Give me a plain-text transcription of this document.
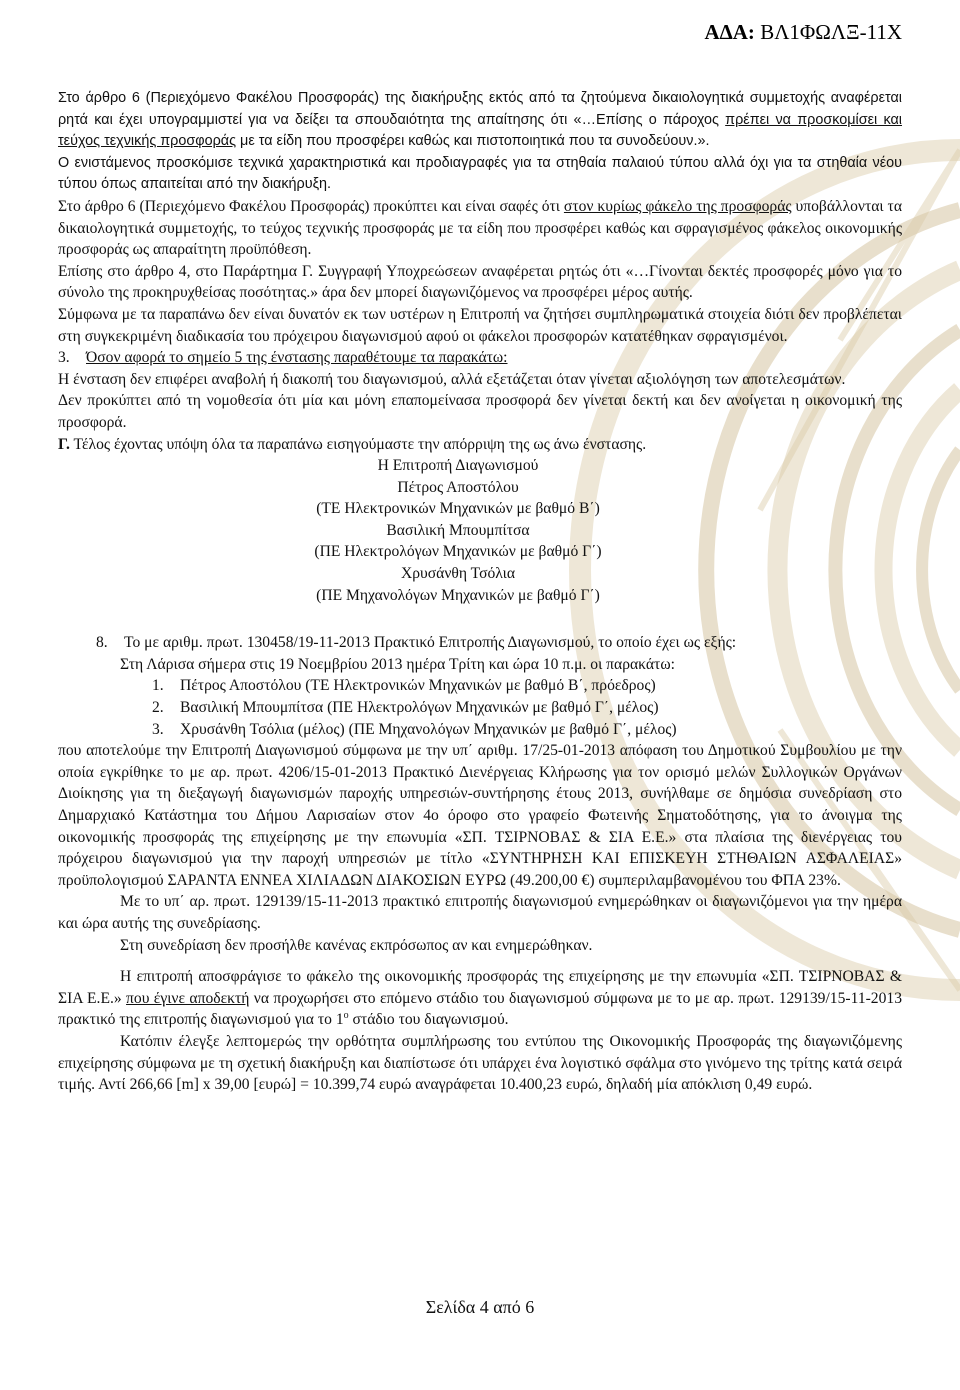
ΑΔΑ: ΒΛ1ΦΩΛΞ-11Χ

Στο άρθρο 6 (Περιεχόμενο Φακέλου Προσφοράς) της διακήρυξης εκτός από τα ζητούμενα δικαιολογητικά συμμετοχής αναφέρεται ρητά και έχει υπογραμμιστεί για να δείξει τα σπουδαιότητα της απαίτησης ότι «…Επίσης ο πάροχος πρέπει να προσκομίσει και τεύχος τεχνικής προσφοράς με τα είδη που προσφέρει καθώς και πιστοποιητικά που τα συνοδεύουν.».

Ο ενιστάμενος προσκόμισε τεχνικά χαρακτηριστικά και προδιαγραφές για τα στηθαία παλαιού τύπου αλλά όχι για τα στηθαία νέου τύπου όπως απαιτείται από την διακήρυξη.

Στο άρθρο 6 (Περιεχόμενο Φακέλου Προσφοράς) προκύπτει και είναι σαφές ότι στον κυρίως φάκελο της προσφοράς υποβάλλονται τα δικαιολογητικά συμμετοχής, το τεύχος τεχνικής προσφοράς με τα είδη που προσφέρει καθώς και σφραγισμένος φάκελος οικονομικής προσφοράς ως απαραίτητη προϋπόθεση.

Επίσης στο άρθρο 4, στο Παράρτημα Γ. Συγγραφή Υποχρεώσεων αναφέρεται ρητώς ότι «…Γίνονται δεκτές προσφορές μόνο για το σύνολο της προκηρυχθείσας ποσότητας.» άρα δεν μπορεί διαγωνιζόμενος να προσφέρει μέρος αυτής.

Σύμφωνα με τα παραπάνω δεν είναι δυνατόν εκ των υστέρων η Επιτροπή να ζητήσει συμπληρωματικά στοιχεία διότι δεν προβλέπεται στη συγκεκριμένη διαδικασία του πρόχειρου διαγωνισμού αφού οι φάκελοι προσφορών κατατέθηκαν σφραγισμένοι.

3. Όσον αφορά το σημείο 5 της ένστασης παραθέτουμε τα παρακάτω:

Η ένσταση δεν επιφέρει αναβολή ή διακοπή του διαγωνισμού, αλλά εξετάζεται όταν γίνεται αξιολόγηση των αποτελεσμάτων.

Δεν προκύπτει από τη νομοθεσία ότι μία και μόνη επαπομείνασα προσφορά δεν γίνεται δεκτή και δεν ανοίγεται η οικονομική της προσφορά.

Γ. Τέλος έχοντας υπόψη όλα τα παραπάνω εισηγούμαστε την απόρριψη της ως άνω ένστασης.

Η Επιτροπή Διαγωνισμού

Πέτρος Αποστόλου

(ΤΕ Ηλεκτρονικών Μηχανικών με βαθμό Β΄)

Βασιλική Μπουμπίτσα

(ΠΕ Ηλεκτρολόγων Μηχανικών με βαθμό Γ΄)

Χρυσάνθη Τσόλια

(ΠΕ Μηχανολόγων Μηχανικών με βαθμό Γ΄)

8. Το με αριθμ. πρωτ. 130458/19-11-2013 Πρακτικό Επιτροπής Διαγωνισμού, το οποίο έχει ως εξής:

Στη Λάρισα σήμερα στις 19 Νοεμβρίου 2013 ημέρα Τρίτη και ώρα 10 π.μ. οι παρακάτω:

1. Πέτρος Αποστόλου (ΤΕ Ηλεκτρονικών Μηχανικών με βαθμό Β΄, πρόεδρος)

2. Βασιλική Μπουμπίτσα (ΠΕ Ηλεκτρολόγων Μηχανικών με βαθμό Γ΄, μέλος)

3. Χρυσάνθη Τσόλια (μέλος) (ΠΕ Μηχανολόγων Μηχανικών με βαθμό Γ΄, μέλος)

που αποτελούμε την Επιτροπή Διαγωνισμού σύμφωνα με την υπ΄ αριθμ. 17/25-01-2013 απόφαση του Δημοτικού Συμβουλίου με την οποία εγκρίθηκε το με αρ. πρωτ. 4206/15-01-2013 Πρακτικό Διενέργειας Κλήρωσης για τον ορισμό μελών Συλλογικών Οργάνων Διοίκησης για τη διεξαγωγή διαγωνισμών παροχής υπηρεσιών-συντήρησης έτους 2013, συνήλθαμε σε δημόσια συνεδρίαση στο Δημαρχιακό Κατάστημα του Δήμου Λαρισαίων στον 4ο όροφο στο γραφείο Φωτεινής Σηματοδότησης, για το άνοιγμα της οικονομικής προσφοράς της επιχείρησης με την επωνυμία «ΣΠ. ΤΣΙΡΝΟΒΑΣ & ΣΙΑ Ε.Ε.» στα πλαίσια της διενέργειας του πρόχειρου διαγωνισμού για την παροχή υπηρεσιών με τίτλο «ΣΥΝΤΗΡΗΣΗ ΚΑΙ ΕΠΙΣΚΕΥΗ ΣΤΗΘΑΙΩΝ ΑΣΦΑΛΕΙΑΣ» προϋπολογισμού ΣΑΡΑΝΤΑ ΕΝΝΕΑ ΧΙΛΙΑΔΩΝ ΔΙΑΚΟΣΙΩΝ ΕΥΡΩ (49.200,00 €) συμπεριλαμβανομένου του ΦΠΑ 23%.

Με το υπ΄ αρ. πρωτ. 129139/15-11-2013 πρακτικό επιτροπής διαγωνισμού ενημερώθηκαν οι διαγωνιζόμενοι για την ημέρα και ώρα αυτής της συνεδρίασης.

Στη συνεδρίαση δεν προσήλθε κανένας εκπρόσωπος αν και ενημερώθηκαν.

Η επιτροπή αποσφράγισε το φάκελο της οικονομικής προσφοράς της επιχείρησης με την επωνυμία «ΣΠ. ΤΣΙΡΝΟΒΑΣ & ΣΙΑ Ε.Ε.» που έγινε αποδεκτή να προχωρήσει στο επόμενο στάδιο του διαγωνισμού σύμφωνα με το με αρ. πρωτ. 129139/15-11-2013 πρακτικό της επιτροπής διαγωνισμού για το $1^o$ στάδιο του διαγωνισμού.

Κατόπιν έλεγξε λεπτομερώς την ορθότητα συμπλήρωσης του εντύπου της Οικονομικής Προσφοράς της διαγωνιζόμενης επιχείρησης σύμφωνα με τη σχετική διακήρυξη και διαπίστωσε ότι υπάρχει ένα λογιστικό σφάλμα στο γινόμενο της τρίτης κατά σειρά τιμής. Αντί 266,66 [m] x 39,00 [ευρώ] = 10.399,74 ευρώ αναγράφεται 10.400,23 ευρώ, δηλαδή μία απόκλιση 0,49 ευρώ.

Σελίδα 4 από 6
